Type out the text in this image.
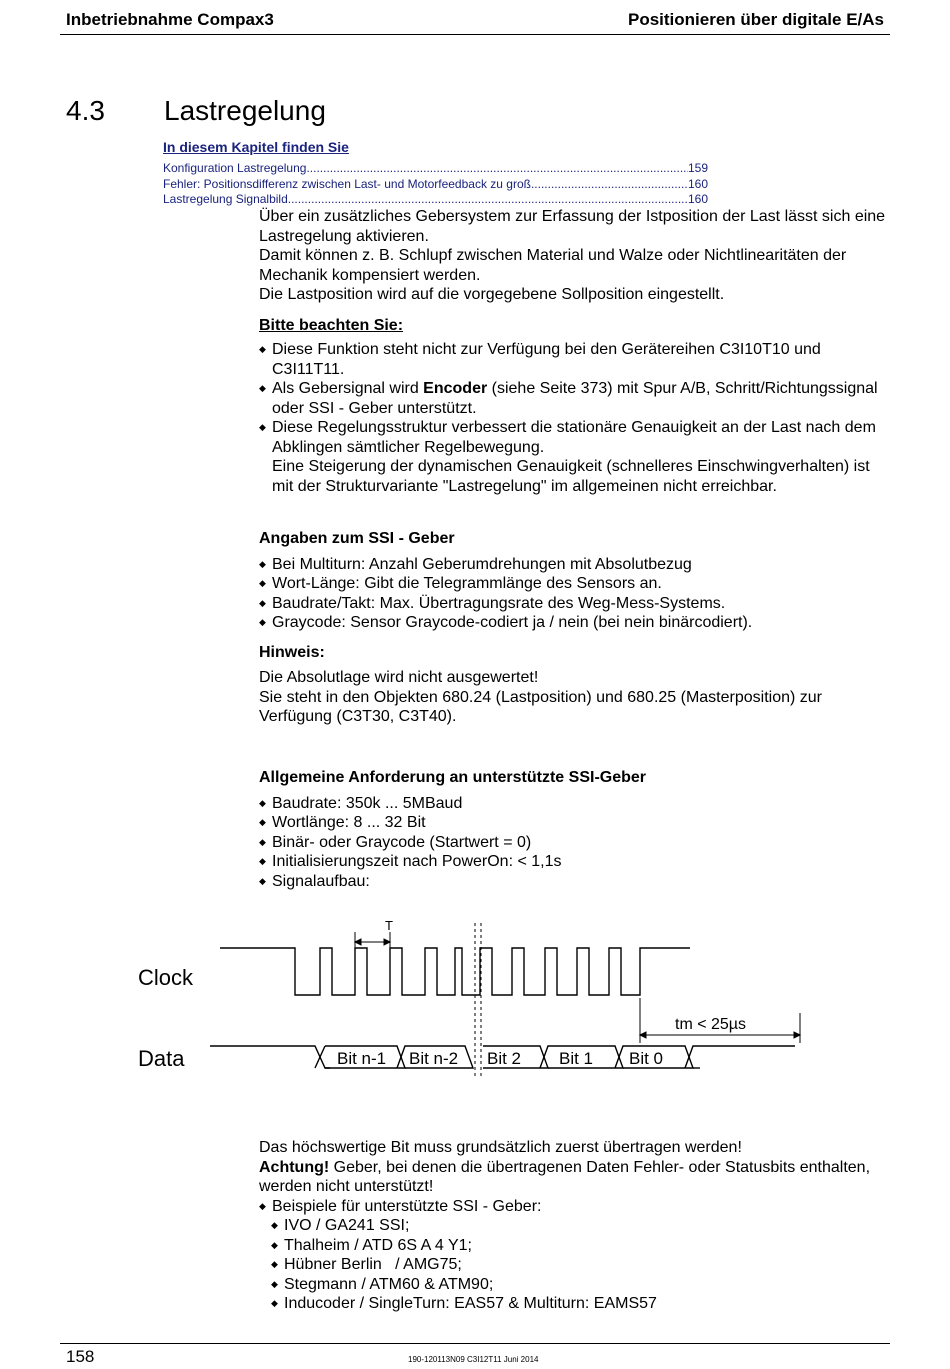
Inbetriebnahme Compax3	Positionieren über digitale E/As
4.3 Lastregelung
In diesem Kapitel finden Sie
Konfiguration Lastregelung .....	159
Fehler: Positionsdifferenz zwischen Last- und Motorfeedback zu groß .....	160
Lastregelung Signalbild .....	160

Über ein zusätzliches Gebersystem zur Erfassung der Istposition der Last lässt sich eine Lastregelung aktivieren.

Damit können z. B. Schlupf zwischen Material und Walze oder Nichtlinearitäten der Mechanik kompensiert werden.

Die Lastposition wird auf die vorgegebene Sollposition eingestellt.

Bitte beachten Sie:
◆ Diese Funktion steht nicht zur Verfügung bei den Gerätereihen C3I10T10 und C3I11T11.
◆ Als Gebersignal wird Encoder (siehe Seite 373) mit Spur A/B, Schritt/Richtungssignal oder SSI - Geber unterstützt.
◆ Diese Regelungsstruktur verbessert die stationäre Genauigkeit an der Last nach dem Abklingen sämtlicher Regelbewegung.
Eine Steigerung der dynamischen Genauigkeit (schnelleres Einschwingverhalten) ist mit der Strukturvariante "Lastregelung" im allgemeinen nicht erreichbar.
Angaben zum SSI - Geber
◆ Bei Multiturn: Anzahl Geberumdrehungen mit Absolutbezug
◆ Wort-Länge: Gibt die Telegrammlänge des Sensors an.
◆ Baudrate/Takt: Max. Übertragungsrate des Weg-Mess-Systems.
◆ Graycode: Sensor Graycode-codiert ja / nein (bei nein binärcodiert).
Hinweis:
Die Absolutlage wird nicht ausgewertet!
Sie steht in den Objekten 680.24 (Lastposition) und 680.25 (Masterposition) zur Verfügung (C3T30, C3T40).
Allgemeine Anforderung an unterstützte SSI-Geber
◆ Baudrate: 350k ... 5MBaud
◆ Wortlänge: 8 ... 32 Bit
◆ Binär- oder Graycode (Startwert = 0)
◆ Initialisierungszeit nach PowerOn: < 1,1s
◆ Signalaufbau:
Clock
Data
T
tm < 25µs
Bit n-1 Bit n-2 Bit 2 Bit 1 Bit 0
Das höchswertige Bit muss grundsätzlich zuerst übertragen werden!
Achtung! Geber, bei denen die übertragenen Daten Fehler- oder Statusbits enthalten, werden nicht unterstützt!
◆ Beispiele für unterstützte SSI - Geber:
◆ IVO / GA241 SSI;
◆ Thalheim / ATD 6S A 4 Y1;
◆ Hübner Berlin   / AMG75;
◆ Stegmann / ATM60 & ATM90;
◆ Inducoder / SingleTurn: EAS57 & Multiturn: EAMS57
158	190-120113N09 C3I12T11 Juni 2014
